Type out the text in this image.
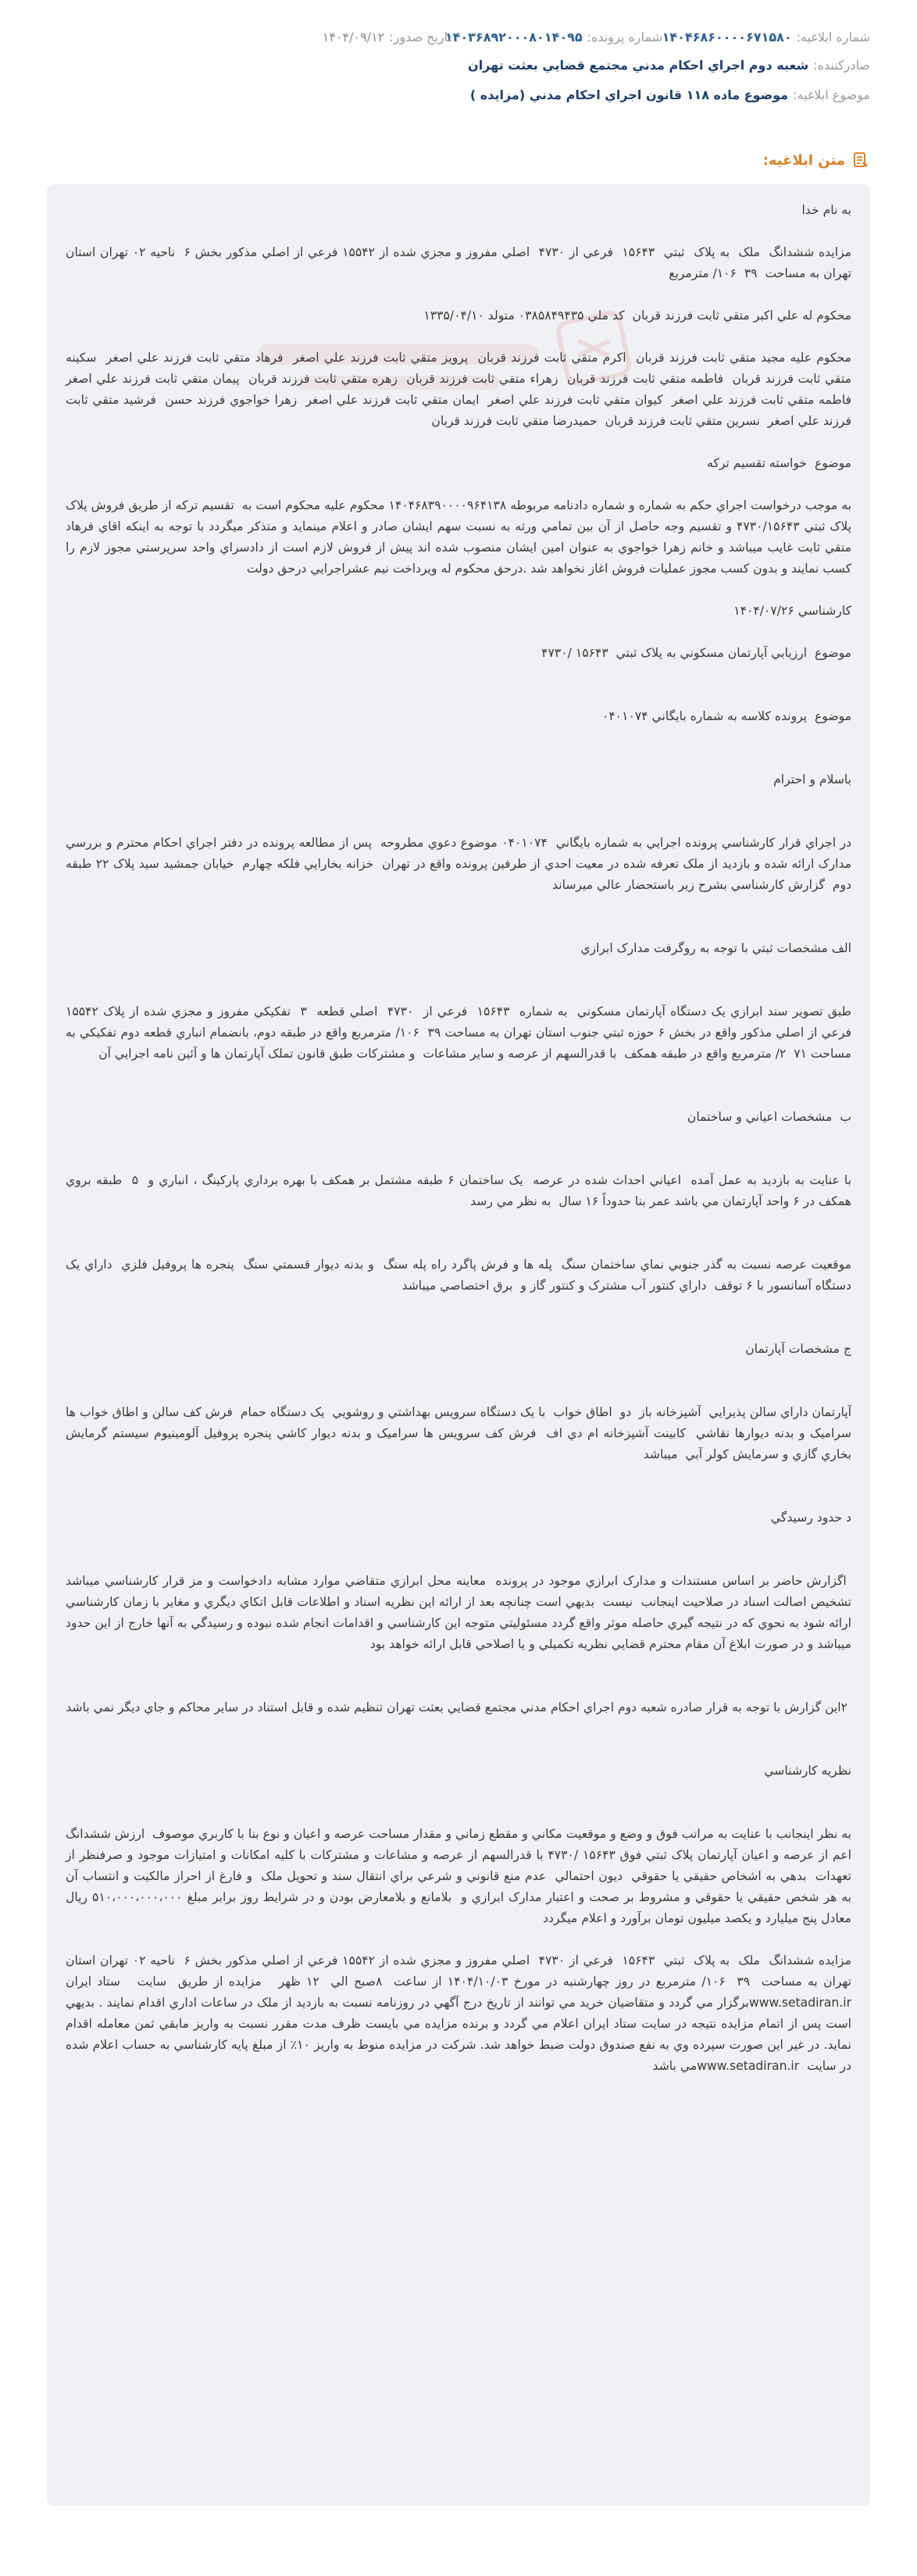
شماره ابلاغيه:
۱۴۰۴۶۸۶۰۰۰۰۶۷۱۵۸۰
شماره پرونده:
۱۴۰۳۶۸۹۲۰۰۰۸۰۱۴۰۹۵
تاريخ صدور:
۱۴۰۴/۰۹/۱۲
صادرکننده:
شعبه دوم اجراي احکام مدني مجتمع قضايي بعثت تهران
موضوع ابلاغيه:
موضوع ماده ۱۱۸ قانون اجراي احکام مدني (مزايده )
متن ابلاغيه:
به نام خدا

مزايده ششدانگ  ملک  به پلاک  ثبتي  ۱۵۶۴۳  فرعي از ۴۷۳۰  اصلي مفروز و مجزي شده از ۱۵۵۴۲ فرعي از اصلي مذکور بخش ۶  ناحيه ۰۲ تهران استان تهران به مساحت  ۳۹  ۱۰۶/ مترمربع

محکوم له علي اکبر متقي ثابت فرزند قربان  کد ملي ۰۳۸۵۸۴۹۴۳۵ متولد ۱۳۳۵/۰۴/۱۰

محکوم عليه مجيد متقي ثابت فرزند قربان  اکرم متقي ثابت فرزند قربان  پرويز متقي ثابت فرزند علي اصغر  فرهاد متقي ثابت فرزند علي اصغر  سکينه متقي ثابت فرزند قربان  فاطمه متقي ثابت فرزند قربان  زهراء متقي ثابت فرزند قربان  زهره متقي ثابت فرزند قربان  پيمان متقي ثابت فرزند علي اصغر  فاطمه متقي ثابت فرزند علي اصغر  کيوان متقي ثابت فرزند علي اصغر  ايمان متقي ثابت فرزند علي اصغر  زهرا خواجوي فرزند حسن  فرشيد متقي ثابت فرزند علي اصغر  نسرين متقي ثابت فرزند قربان  حميدرضا متقي ثابت فرزند قربان

موضوع  خواسته تقسيم ترکه

به موجب درخواست اجراي حکم به شماره و شماره دادنامه مربوطه ۱۴۰۴۶۸۳۹۰۰۰۰۹۶۴۱۳۸ محکوم عليه محکوم است به  تقسيم ترکه از طريق فروش پلاک پلاک ثبتي ۴۷۳۰/۱۵۶۴۳ و تقسيم وجه حاصل از آن بين تمامي ورثه به نسبت سهم ايشان صادر و اعلام مينمايد و متذکر ميگردد با توجه به اينکه اقاي فرهاد متقي ثابت غايب ميباشد و خانم زهرا خواجوي به عنوان امين ايشان منصوب شده اند پيش از فروش لازم است از دادسراي واحد سرپرستي مجوز لازم را کسب نمايند و بدون کسب مجوز عمليات فروش اغاز نخواهد شد .درحق محکوم له ويرداخت نيم عشراجرايي درحق دولت

کارشناسي ۱۴۰۴/۰۷/۲۶

موضوع  ارزيابي آپارتمان مسکوني به پلاک ثبتي  ۱۵۶۴۳ /۴۷۳۰

موضوع  پرونده کلاسه به شماره بايگاني ۰۴۰۱۰۷۴

باسلام و احترام

در اجراي قرار کارشناسي پرونده اجرايي به شماره بايگاني  ۰۴۰۱۰۷۴ موضوع دعوي مطروحه  پس از مطالعه پرونده در دفتر اجراي احکام محترم و بررسي مدارک ارائه شده و بازديد از ملک تعرفه شده در معيت احدي از طرفين پرونده واقع در تهران  خزانه بخارايي فلکه چهارم  خيابان جمشيد سيد پلاک ۲۲ طبقه دوم  گزارش کارشناسي بشرح زير باستحضار عالي ميرساند

الف مشخصات ثبتي با توجه به روگرفت مدارک ابرازي

طبق تصوير سند ابرازي يک دستگاه آپارتمان مسکوني  به شماره  ۱۵۶۴۳  فرعي از  ۴۷۳۰  اصلي قطعه  ۳  تفکيکي مفروز و مجزي شده از پلاک ۱۵۵۴۲ فرعي از اصلي مذکور واقع در بخش ۶ حوزه ثبتي جنوب استان تهران به مساحت ۳۹  ۱۰۶/ مترمربع واقع در طبقه دوم، بانضمام انباري قطعه دوم تفکيکي به مساحت ۷۱  ۲/ مترمربع واقع در طبقه همکف  با قدرالسهم از عرصه و ساير مشاعات  و مشترکات طبق قانون تملک آپارتمان ها و آئين نامه اجرايي آن

ب  مشخصات اعياني و ساختمان

با عنايت به بازديد به عمل آمده  اعياني احداث شده در عرصه  يک ساختمان ۶ طبقه مشتمل بر همکف با بهره برداري پارکينگ ، انباري و  ۵  طبقه بروي همکف در ۶ واحد آپارتمان مي باشد عمر بنا حدوداً ۱۶ سال  به نظر مي رسد

موقعيت عرصه نسبت به گذر جنوبي نماي ساختمان سنگ  پله ها و فرش پاگرد راه پله سنگ  و بدنه ديوار قسمتي سنگ  پنجره ها پروفيل فلزي  داراي يک دستگاه آسانسور با ۶ توقف  داراي کنتور آب مشترک و کنتور گاز و  برق اختصاصي ميباشد

ج مشخصات آپارتمان

آپارتمان داراي سالن پذيرايي  آشپزخانه باز  دو  اطاق خواب  با يک دستگاه سرويس بهداشتي و روشويي  يک دستگاه حمام  فرش کف سالن و اطاق خواب ها سراميک و بدنه ديوارها نقاشي  کابينت آشپزخانه ام دي اف  فرش کف سرويس ها سراميک و بدنه ديوار کاشي پنجره پروفيل آلومينيوم سيستم گرمايش بخاري گازي و سرمايش کولر آبي  ميباشد

د حدود رسيدگي

اگزارش حاضر بر اساس مستندات و مدارک ابرازي موجود در پرونده  معاينه محل ابرازي متقاضي موارد مشابه دادخواست و مز قرار کارشناسي ميباشد تشخيص اصالت اسناد در صلاحيت اينجانب  نيست  بديهي است چنانچه بعد از ارائه اين نظريه اسناد و اطلاعات قابل اتکاي ديگري و مغاير با زمان کارشناسي ارائه شود به نحوي که در نتيجه گيري حاصله موثر واقع گردد مسئوليتي متوجه اين کارشناسي و اقدامات انجام شده نبوده و رسيدگي به آنها خارج از اين حدود ميباشد و در صورت ابلاغ آن مقام محترم قضايي نظريه تکميلي و يا اصلاحي قابل ارائه خواهد بود

۲اين گزارش با توجه به قرار صادره شعبه دوم اجراي احکام مدني مجتمع قضايي بعثت تهران تنظيم شده و قابل استناد در ساير محاکم و جاي ديگر نمي باشد

نظريه کارشناسي

به نظر اينجانب با عنايت به مراتب فوق و وضع و موقعيت مکاني و مقطع زماني و مقدار مساحت عرصه و اعيان و نوع بنا با کاربري موصوف  ارزش ششدانگ اعم از عرصه و اعيان آپارتمان پلاک ثبتي فوق ۱۵۶۴۳ /۴۷۳۰ با قدرالسهم از عرصه و مشاعات و مشترکات با کليه امکانات و امتيازات موجود و صرفنظر از تعهدات  بدهي به اشخاص حقيقي يا حقوقي  ديون احتمالي  عدم منع قانوني و شرعي براي انتقال سند و تحويل ملک  و فارغ از احراز مالکيت و انتساب آن  به هر شخص حقيقي يا حقوقي و مشروط بر صحت و اعتبار مدارک ابرازي و  بلامانع و بلامعارض بودن و در شرايط روز برابر مبلغ ۵۱۰،۰۰۰،۰۰۰،۰۰۰ ريال معادل پنج ميليارد و يکصد ميليون تومان برآورد و اعلام ميگردد

مزايده ششدانگ  ملک  به پلاک  ثبتي  ۱۵۶۴۳  فرعي از ۴۷۳۰  اصلي مفروز و مجزي شده از ۱۵۵۴۲ فرعي از اصلي مذکور بخش ۶  ناحيه ۰۲ تهران استان تهران به مساحت  ۳۹  ۱۰۶/ مترمربع در روز چهارشنبه در مورخ ۱۴۰۴/۱۰/۰۳ از ساعت  ۸صبح الي  ۱۲ ظهر   مزايده از طريق  سايت   ستاد ايران www.setadiran.irبرگزار مي گردد و متقاضيان خريد مي توانند از تاريخ درج آگهي در روزنامه نسبت به بازديد از ملک در ساعات اداري اقدام نمايند . بديهي است پس از اتمام مزايده نتيجه در سايت ستاد ايران اعلام مي گردد و برنده مزايده مي بايست ظرف مدت مقرر نسبت به واريز مابقي ثمن معامله اقدام نمايد. در غير اين صورت سپرده وي به نفع صندوق دولت ضبط خواهد شد. شرکت در مزايده منوط به واريز ۱۰٪ از مبلغ پايه کارشناسي به حساب اعلام شده در سايت  www.setadiran.irمي باشد
